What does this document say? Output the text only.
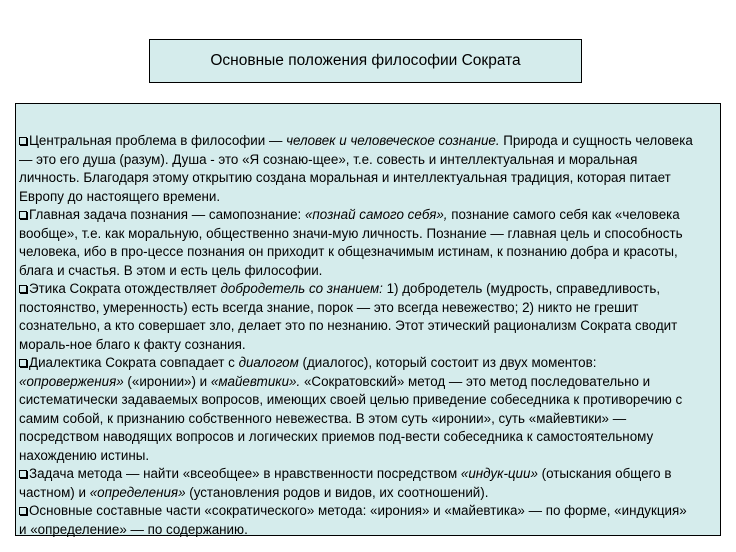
Основные положения философии Сократа

Центральная проблема в философии — человек и человеческое сознание. Природа и сущность человека — это его душа (разум). Душа - это «Я сознаю-щее», т.е. совесть и интеллектуальная и моральная личность. Благодаря этому открытию создана моральная и интеллектуальная традиция, которая питает Европу до настоящего времени.

Главная задача познания — самопознание: «познай самого себя», познание самого себя как «человека вообще», т.е. как моральную, общественно значи-мую личность. Познание — главная цель и способность человека, ибо в про-цессе познания он приходит к общезначимым истинам, к познанию добра и красоты, блага и счастья. В этом и есть цель философии.

Этика Сократа отождествляет добродетель со знанием: 1) добродетель (мудрость, справедливость, постоянство, умеренность) есть всегда знание, порок — это всегда невежество; 2) никто не грешит сознательно, а кто совершает зло, делает это по незнанию. Этот этический рационализм Сократа сводит мораль-ное благо к факту сознания.

Диалектика Сократа совпадает с диалогом (диалогос), который состоит из двух моментов: «опровержения» («иронии») и «майевтики». «Сократовский» метод — это метод последовательно и систематически задаваемых вопросов, имеющих своей целью приведение собеседника к противоречию с самим собой, к признанию собственного невежества. В этом суть «иронии», суть «майевтики» — посредством наводящих вопросов и логических приемов под-вести собеседника к самостоятельному нахождению истины.

Задача метода — найти «всеобщее» в нравственности посредством «индук-ции» (отыскания общего в частном) и «определения» (установления родов и видов, их соотношений).

Основные составные части «сократического» метода: «ирония» и «майевтика» — по форме, «индукция» и «определение» — по содержанию.
